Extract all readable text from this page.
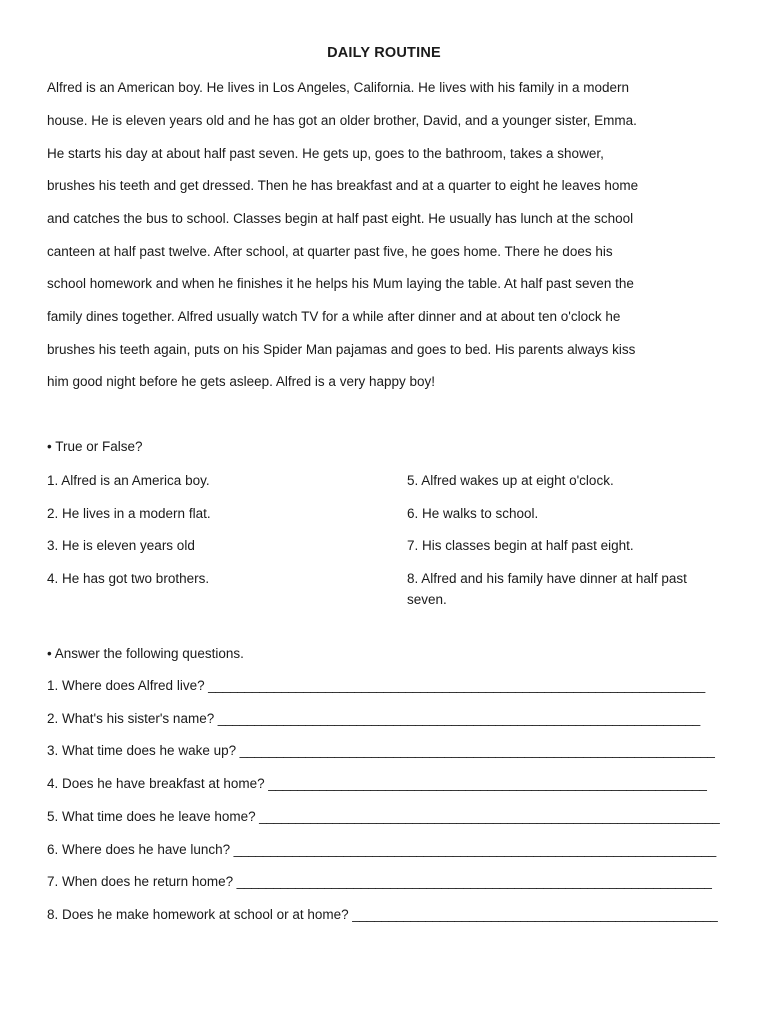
DAILY ROUTINE
Alfred is an American boy. He lives in Los Angeles, California. He lives with his family in a modern
house. He is eleven years old and he has got an older brother, David, and a younger sister, Emma.
He starts his day at about half past seven. He gets up, goes to the bathroom, takes a shower,
brushes his teeth and get dressed. Then he has breakfast and at a quarter to eight he leaves home
and catches the bus to school. Classes begin at half past eight. He usually has lunch at the school
canteen at half past twelve. After school, at quarter past five, he goes home. There he does his
school homework and when he finishes it he helps his Mum laying the table. At half past seven the
family dines together. Alfred usually watch TV for a while after dinner and at about ten o'clock he
brushes his teeth again, puts on his Spider Man pajamas and goes to bed. His parents always kiss
him good night before he gets asleep. Alfred is a very happy boy!
• True or False?
1. Alfred is an America boy.
2. He lives in a modern flat.
3. He is eleven years old
4. He has got two brothers.
5. Alfred wakes up at eight o'clock.
6. He walks to school.
7. His classes begin at half past eight.
8. Alfred and his family have dinner at half past seven.
• Answer the following questions.
1. Where does Alfred live? ____________________________________________________________________
2. What's his sister's name? __________________________________________________________________
3. What time does he wake up? _________________________________________________________________
4. Does he have breakfast at home? ____________________________________________________________
5. What time does he leave home? _______________________________________________________________
6. Where does he have lunch? __________________________________________________________________
7. When does he return home? _________________________________________________________________
8. Does he make homework at school or at home? __________________________________________________
